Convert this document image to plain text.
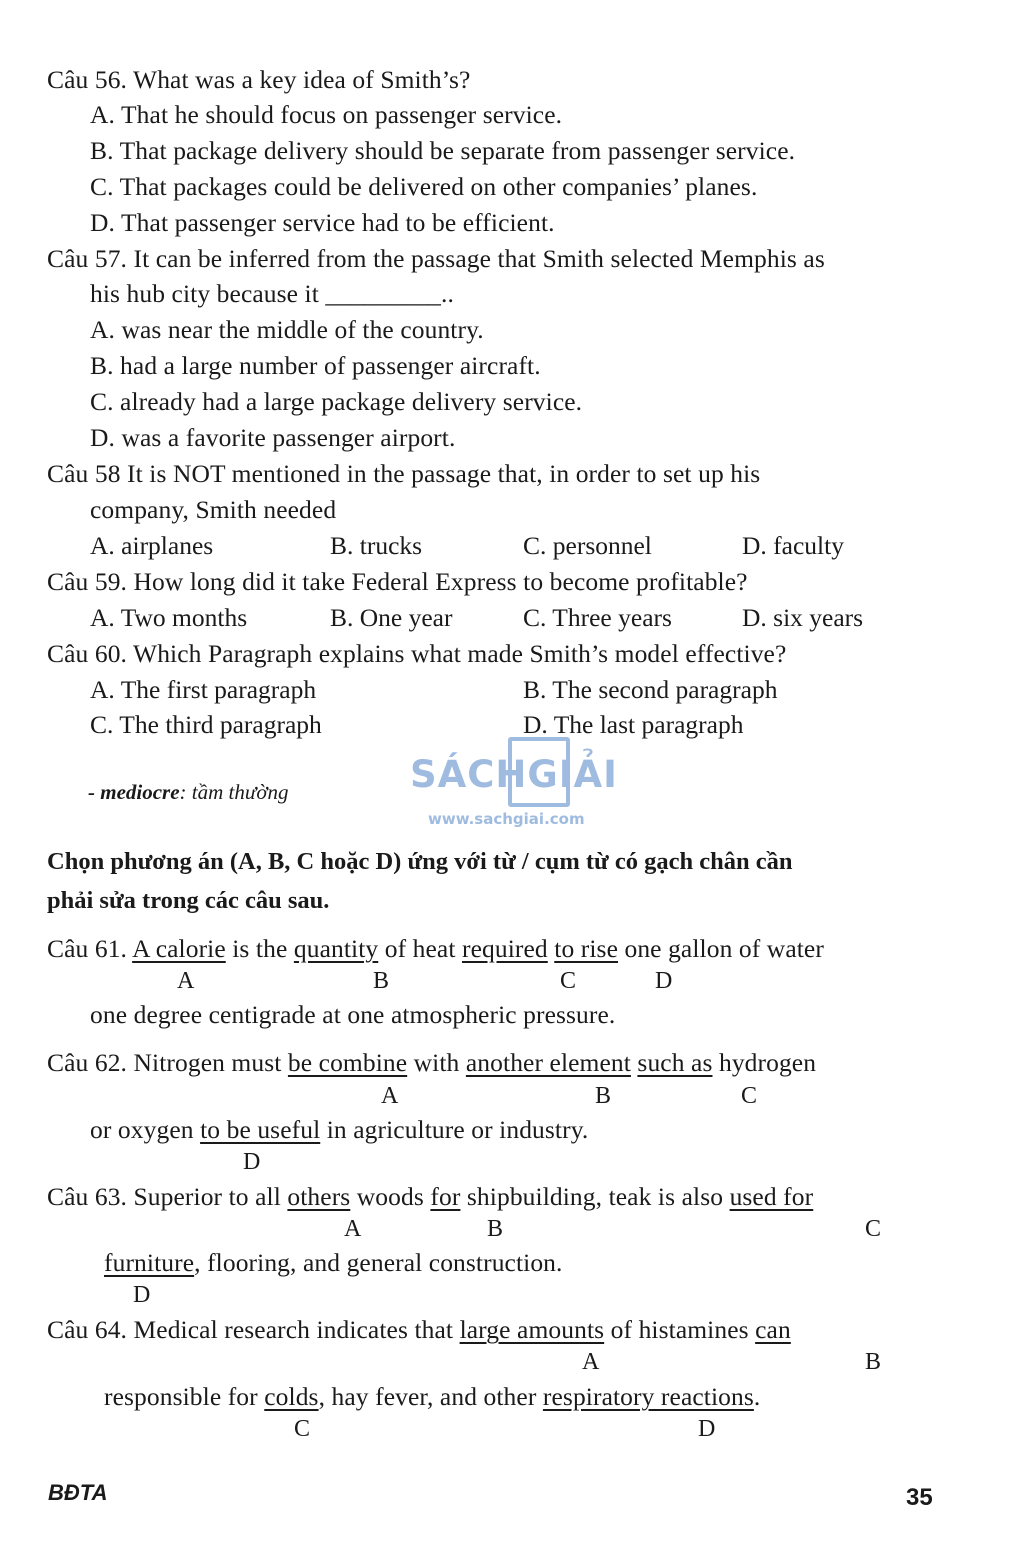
Câu 56. What was a key idea of Smith’s?
A. That he should focus on passenger service.
B. That package delivery should be separate from passenger service.
C. That packages could be delivered on other companies’ planes.
D. That passenger service had to be efficient.
Câu 57. It can be inferred from the passage that Smith selected Memphis as
his hub city because it _________..
A. was near the middle of the country.
B. had a large number of passenger aircraft.
C. already had a large package delivery service.
D. was a favorite passenger airport.
Câu 58 It is NOT mentioned in the passage that, in order to set up his
company, Smith needed
A. airplanes	B. trucks	C. personnel	D. faculty
Câu 59. How long did it take Federal Express to become profitable?
A. Two months	B. One year	C. Three years	D. six years
Câu 60. Which Paragraph explains what made Smith’s model effective?
A. The first paragraph	B. The second paragraph
C. The third paragraph	D. The last paragraph
- mediocre: tầm thường	SÁCHGIẢI
www.sachgiai.com
Chọn phương án (A, B, C hoặc D) ứng với từ / cụm từ có gạch chân cần
phải sửa trong các câu sau.
Câu 61. A calorie is the quantity of heat required to rise one gallon of water
A	B	C	D
one degree centigrade at one atmospheric pressure.
Câu 62. Nitrogen must be combine with another element such as hydrogen
A	B	C
or oxygen to be useful in agriculture or industry.
D
Câu 63. Superior to all others woods for shipbuilding, teak is also used for
A	B	C
furniture, flooring, and general construction.
D
Câu 64. Medical research indicates that large amounts of histamines can
A	B
responsible for colds, hay fever, and other respiratory reactions.
C	D
BĐTA	35
